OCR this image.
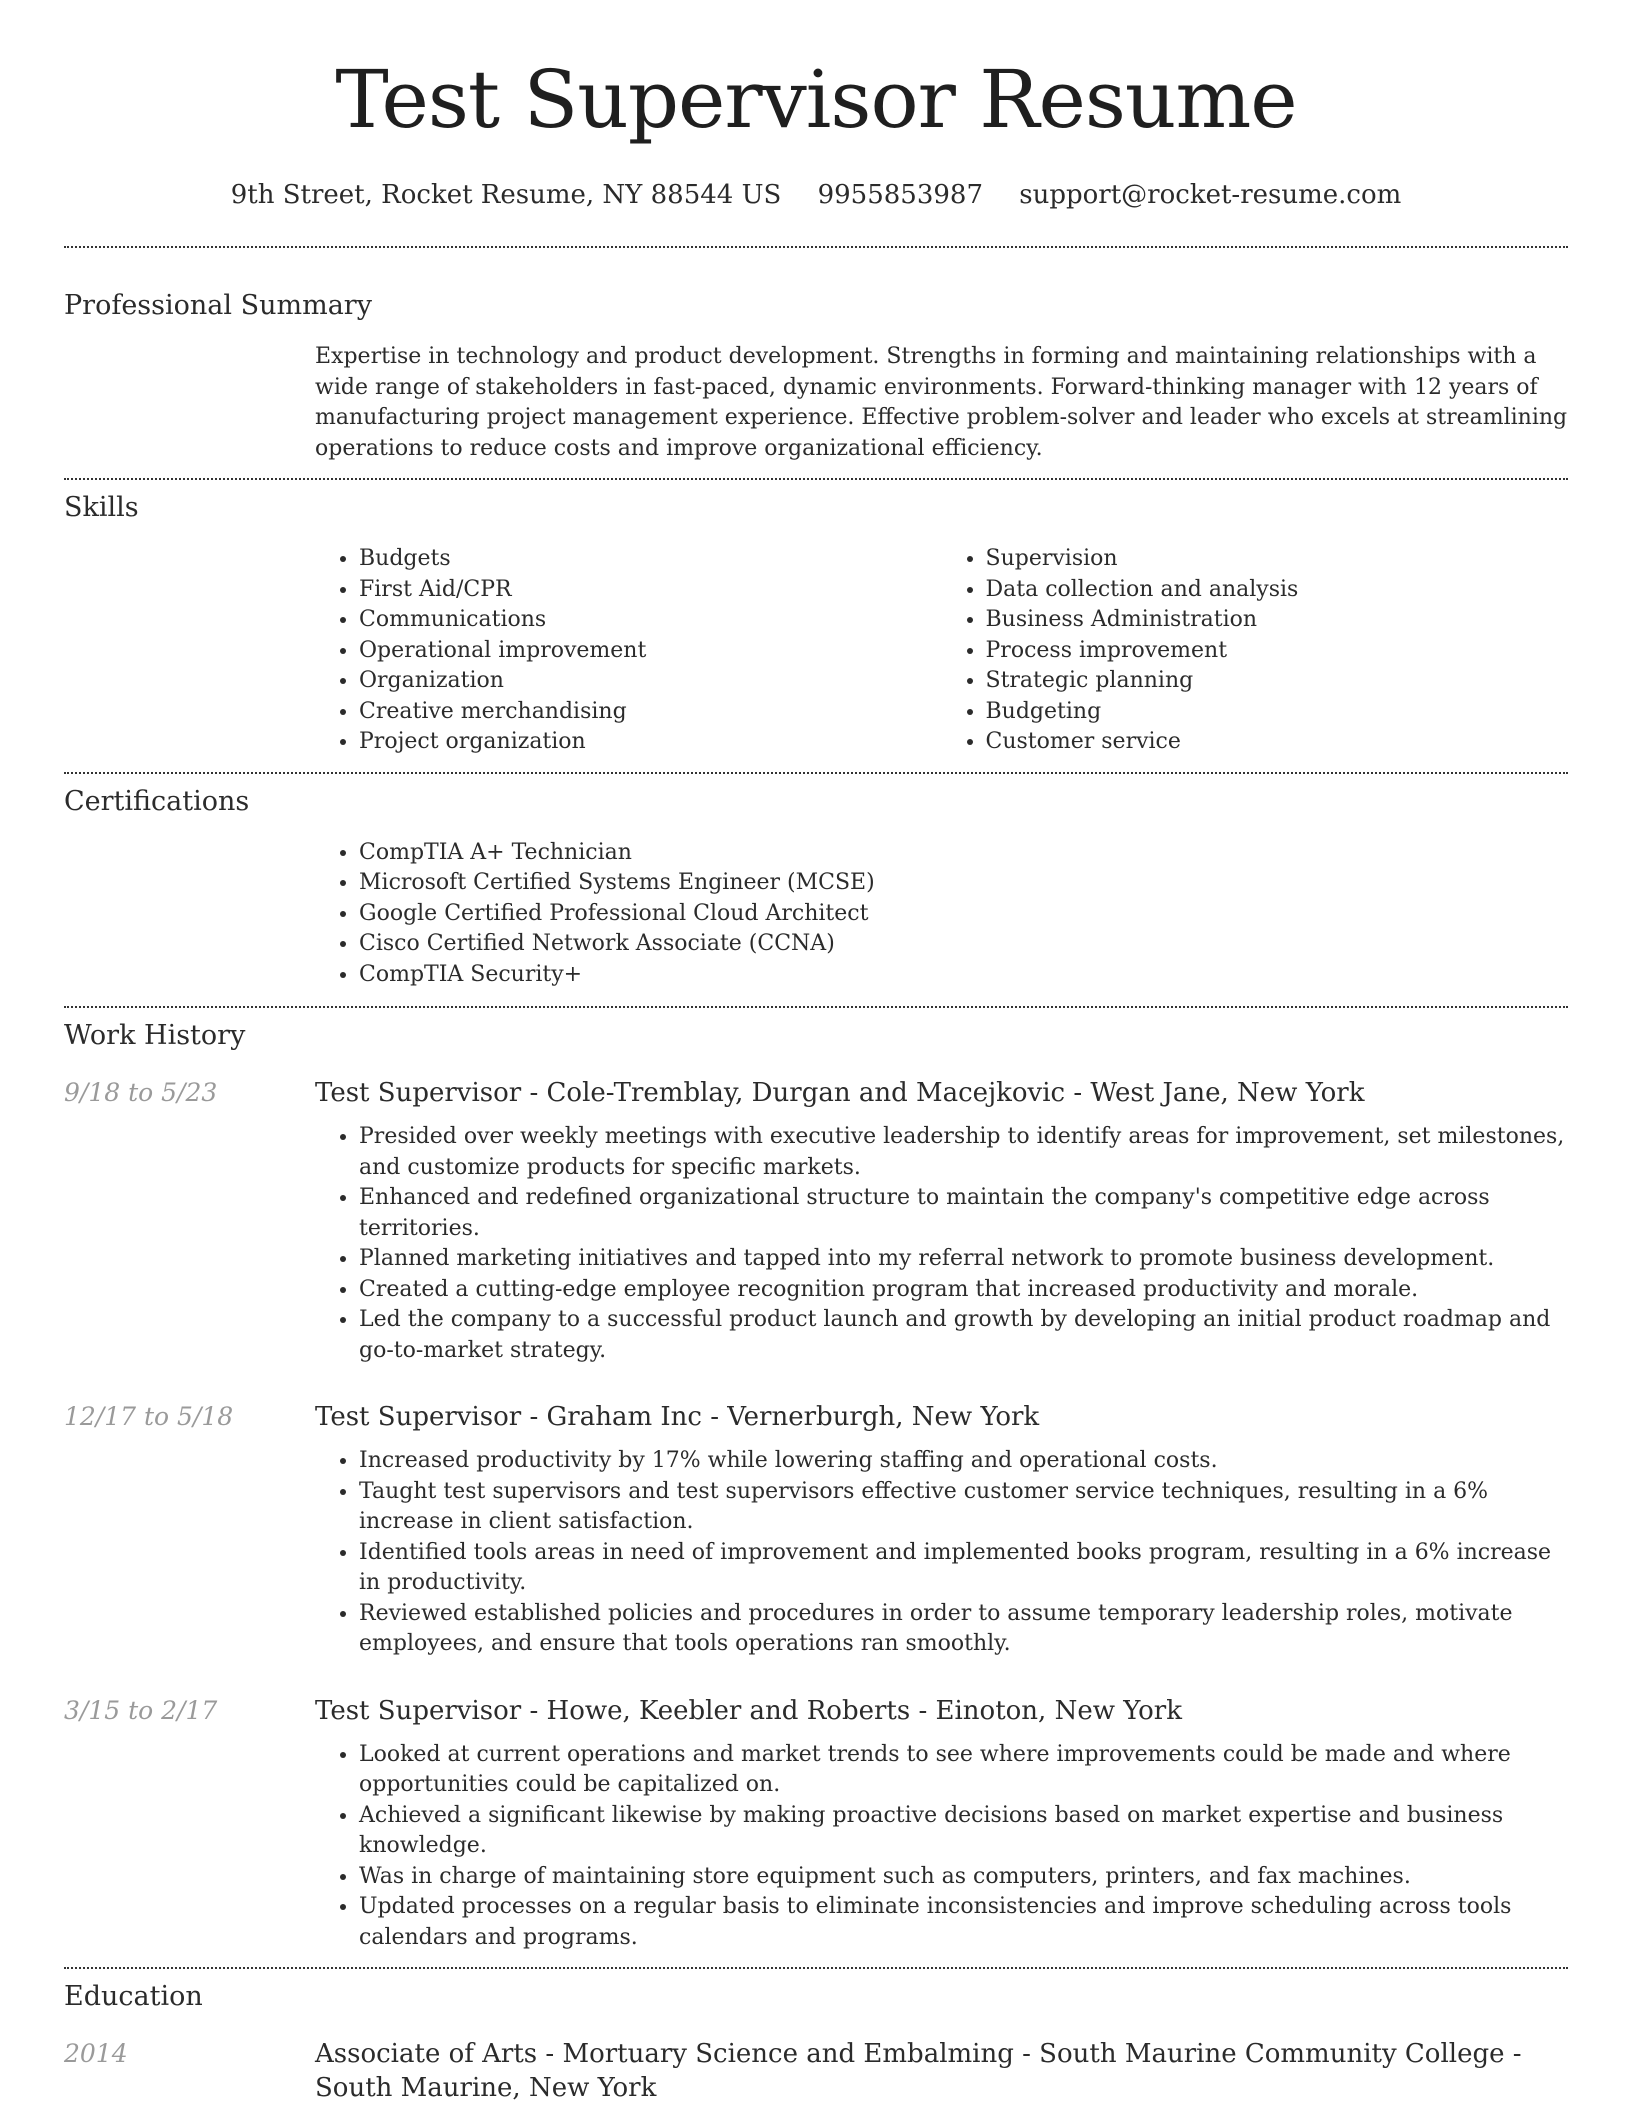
Test Supervisor Resume
9th Street, Rocket Resume, NY 88544 US 9955853987 support@rocket-resume.com
Professional Summary
Expertise in technology and product development. Strengths in forming and maintaining relationships with a wide range of stakeholders in fast-paced, dynamic environments. Forward-thinking manager with 12 years of manufacturing project management experience. Effective problem-solver and leader who excels at streamlining operations to reduce costs and improve organizational efficiency.
Skills
• Budgets
• First Aid/CPR
• Communications
• Operational improvement
• Organization
• Creative merchandising
• Project organization
• Supervision
• Data collection and analysis
• Business Administration
• Process improvement
• Strategic planning
• Budgeting
• Customer service
Certifications
• CompTIA A+ Technician
• Microsoft Certified Systems Engineer (MCSE)
• Google Certified Professional Cloud Architect
• Cisco Certified Network Associate (CCNA)
• CompTIA Security+
Work History
9/18 to 5/23	Test Supervisor - Cole-Tremblay, Durgan and Macejkovic - West Jane, New York
• Presided over weekly meetings with executive leadership to identify areas for improvement, set milestones, and customize products for specific markets.
• Enhanced and redefined organizational structure to maintain the company's competitive edge across territories.
• Planned marketing initiatives and tapped into my referral network to promote business development.
• Created a cutting-edge employee recognition program that increased productivity and morale.
• Led the company to a successful product launch and growth by developing an initial product roadmap and go-to-market strategy.
12/17 to 5/18	Test Supervisor - Graham Inc - Vernerburgh, New York
• Increased productivity by 17% while lowering staffing and operational costs.
• Taught test supervisors and test supervisors effective customer service techniques, resulting in a 6% increase in client satisfaction.
• Identified tools areas in need of improvement and implemented books program, resulting in a 6% increase in productivity.
• Reviewed established policies and procedures in order to assume temporary leadership roles, motivate employees, and ensure that tools operations ran smoothly.
3/15 to 2/17	Test Supervisor - Howe, Keebler and Roberts - Einoton, New York
• Looked at current operations and market trends to see where improvements could be made and where opportunities could be capitalized on.
• Achieved a significant likewise by making proactive decisions based on market expertise and business knowledge.
• Was in charge of maintaining store equipment such as computers, printers, and fax machines.
• Updated processes on a regular basis to eliminate inconsistencies and improve scheduling across tools calendars and programs.
Education
2014	Associate of Arts - Mortuary Science and Embalming - South Maurine Community College - South Maurine, New York
